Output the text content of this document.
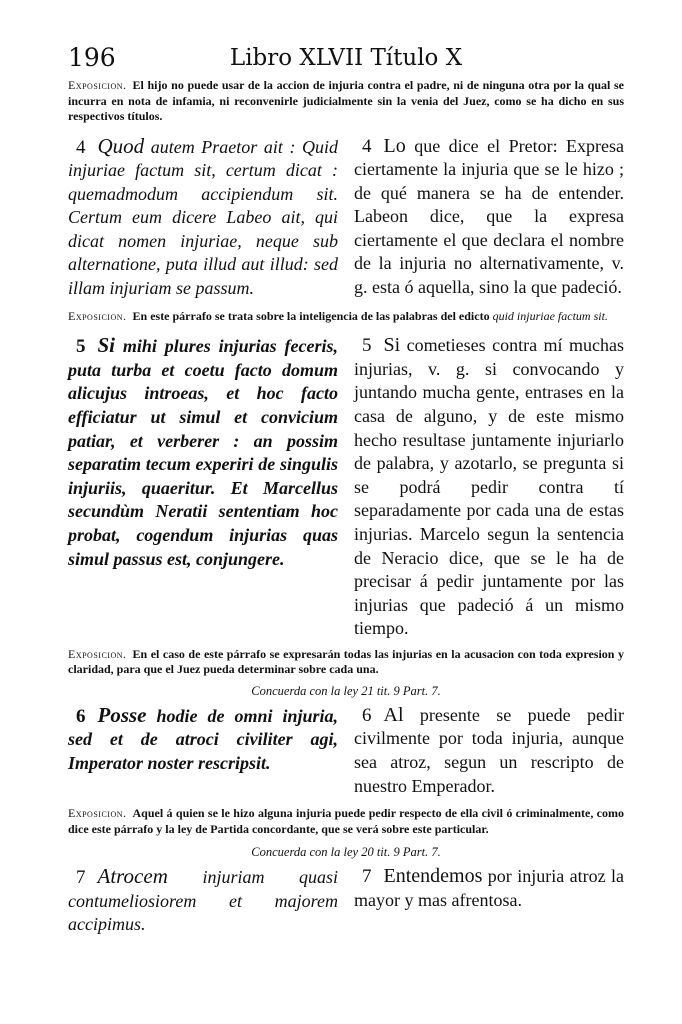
196	Libro XLVII Título X

Exposicion. El hijo no puede usar de la accion de injuria contra el padre, ni de ninguna otra por la qual se incurra en nota de infamia, ni reconvenirle judicialmente sin la venia del Juez, como se ha dicho en sus respectivos títulos.

4 Quod autem Praetor ait : Quid injuriae factum sit, certum dicat : quemadmodum accipiendum sit. Certum eum dicere Labeo ait, qui dicat nomen injuriae, neque sub alternatione, puta illud aut illud: sed illam injuriam se passum.

4 Lo que dice el Pretor: Expresa ciertamente la injuria que se le hizo ; de qué manera se ha de entender. Labeon dice, que la expresa ciertamente el que declara el nombre de la injuria no alternativamente, v. g. esta ó aquella, sino la que padeció.

Exposicion. En este párrafo se trata sobre la inteligencia de las palabras del edicto quid injuriae factum sit.

5 Si mihi plures injurias feceris, puta turba et coetu facto domum alicujus introeas, et hoc facto efficiatur ut simul et convicium patiar, et verberer : an possim separatim tecum experiri de singulis injuriis, quaeritur. Et Marcellus secundùm Neratii sententiam hoc probat, cogendum injurias quas simul passus est, conjungere.

5 Si cometieses contra mí muchas injurias, v. g. si convocando y juntando mucha gente, entrases en la casa de alguno, y de este mismo hecho resultase juntamente injuriarlo de palabra, y azotarlo, se pregunta si se podrá pedir contra tí separadamente por cada una de estas injurias. Marcelo segun la sentencia de Neracio dice, que se le ha de precisar á pedir juntamente por las injurias que padeció á un mismo tiempo.

Exposicion. En el caso de este párrafo se expresarán todas las injurias en la acusacion con toda expresion y claridad, para que el Juez pueda determinar sobre cada una.

Concuerda con la ley 21 tit. 9 Part. 7.

6 Posse hodie de omni injuria, sed et de atroci civiliter agi, Imperator noster rescripsit.

6 Al presente se puede pedir civilmente por toda injuria, aunque sea atroz, segun un rescripto de nuestro Emperador.

Exposicion. Aquel á quien se le hizo alguna injuria puede pedir respecto de ella civil ó criminalmente, como dice este párrafo y la ley de Partida concordante, que se verá sobre este particular.

Concuerda con la ley 20 tit. 9 Part. 7.

7 Atrocem injuriam quasi contumeliosiorem et majorem accipimus.

7 Entendemos por injuria atroz la mayor y mas afrentosa.
